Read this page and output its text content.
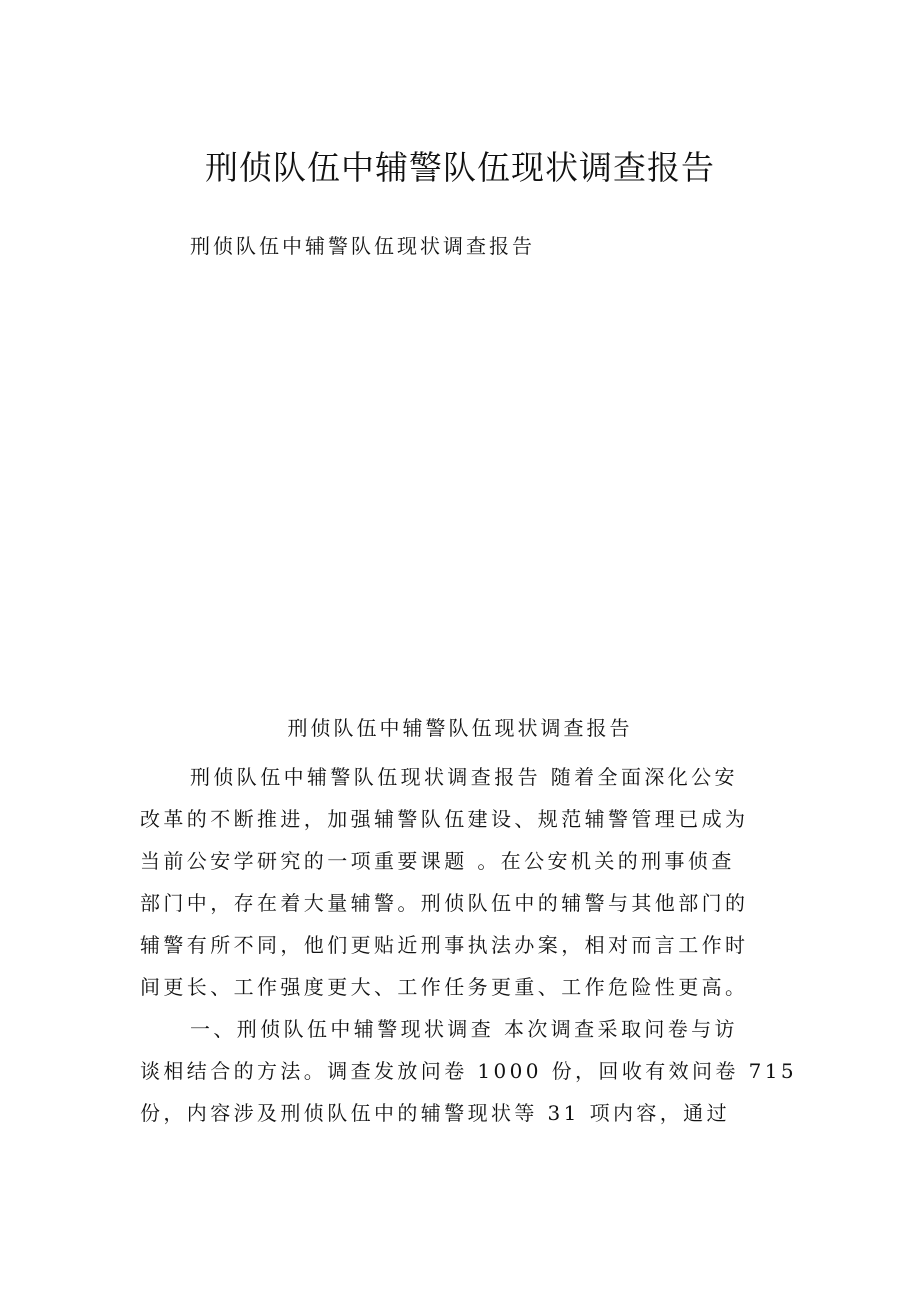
刑侦队伍中辅警队伍现状调查报告
刑侦队伍中辅警队伍现状调查报告
刑侦队伍中辅警队伍现状调查报告
刑侦队伍中辅警队伍现状调查报告 随着全面深化公安
改革的不断推进，加强辅警队伍建设、规范辅警管理已成为
当前公安学研究的一项重要课题 。在公安机关的刑事侦查
部门中，存在着大量辅警。刑侦队伍中的辅警与其他部门的
辅警有所不同，他们更贴近刑事执法办案，相对而言工作时
间更长、工作强度更大、工作任务更重、工作危险性更高。
一、刑侦队伍中辅警现状调查 本次调查采取问卷与访
谈相结合的方法。调查发放问卷 1000 份，回收有效问卷 715
份，内容涉及刑侦队伍中的辅警现状等 31 项内容，通过
